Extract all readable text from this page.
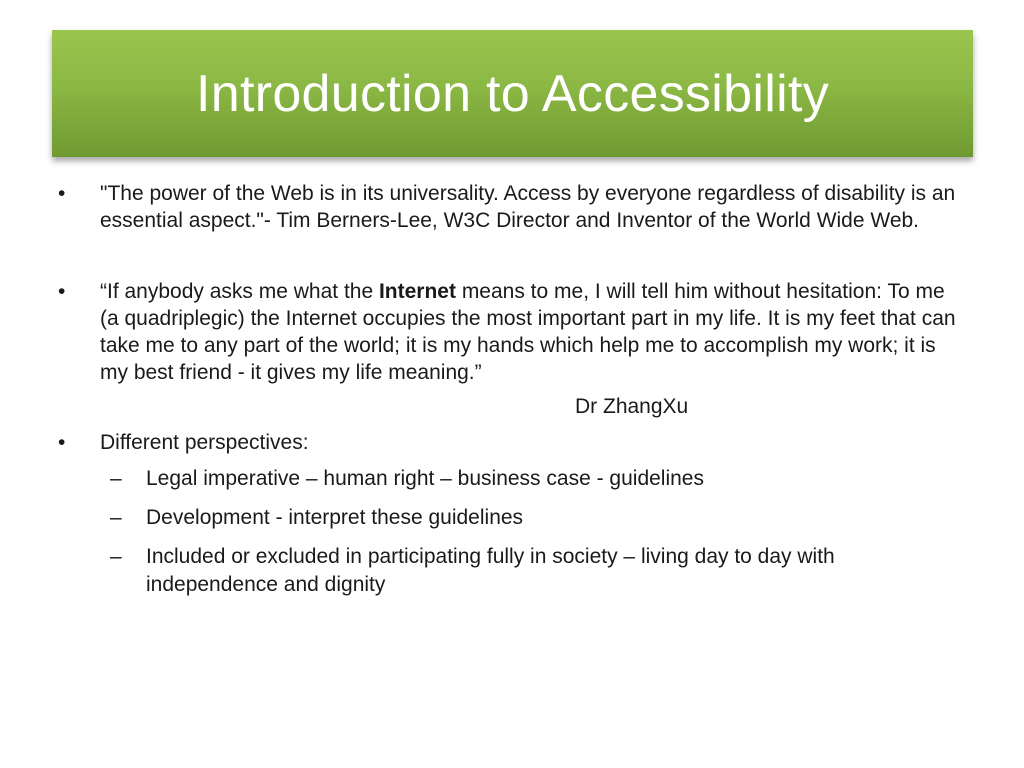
Introduction to Accessibility
• "The power of the Web is in its universality. Access by everyone regardless of disability is an essential aspect."- Tim Berners-Lee, W3C Director and Inventor of the World Wide Web.
• “If anybody asks me what the Internet means to me, I will tell him without hesitation: To me (a quadriplegic) the Internet occupies the most important part in my life. It is my feet that can take me to any part of the world; it is my hands which help me to accomplish my work; it is my best friend - it gives my life meaning.”
Dr ZhangXu
• Different perspectives:
– Legal imperative – human right – business case - guidelines
– Development - interpret these guidelines
– Included or excluded in participating fully in society – living day to day with independence and dignity
